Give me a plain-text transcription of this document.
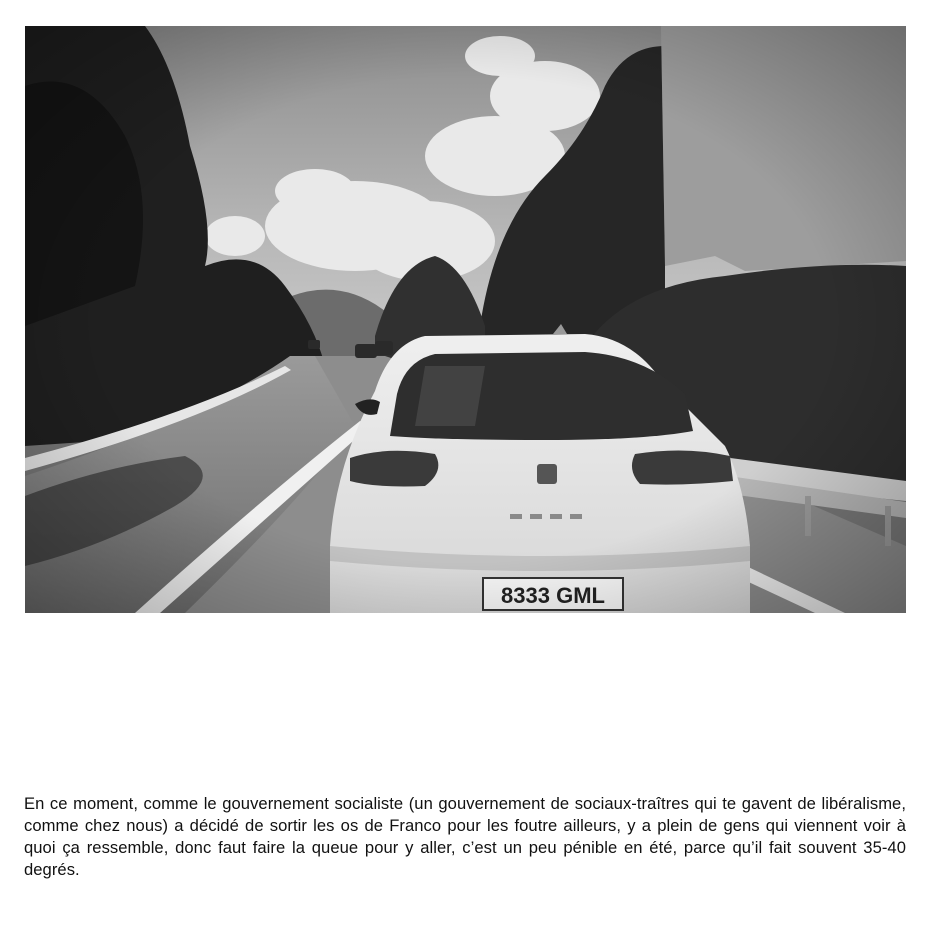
En ce moment, comme le gouvernement socialiste (un gouvernement de sociaux-traîtres qui te gavent de libéralisme, comme chez nous) a décidé de sortir les os de Franco pour les foutre ailleurs, y a plein de gens qui viennent voir à quoi ça ressemble, donc faut faire la queue pour y aller, c’est un peu pénible en été, parce qu’il fait souvent 35-40 degrés.
